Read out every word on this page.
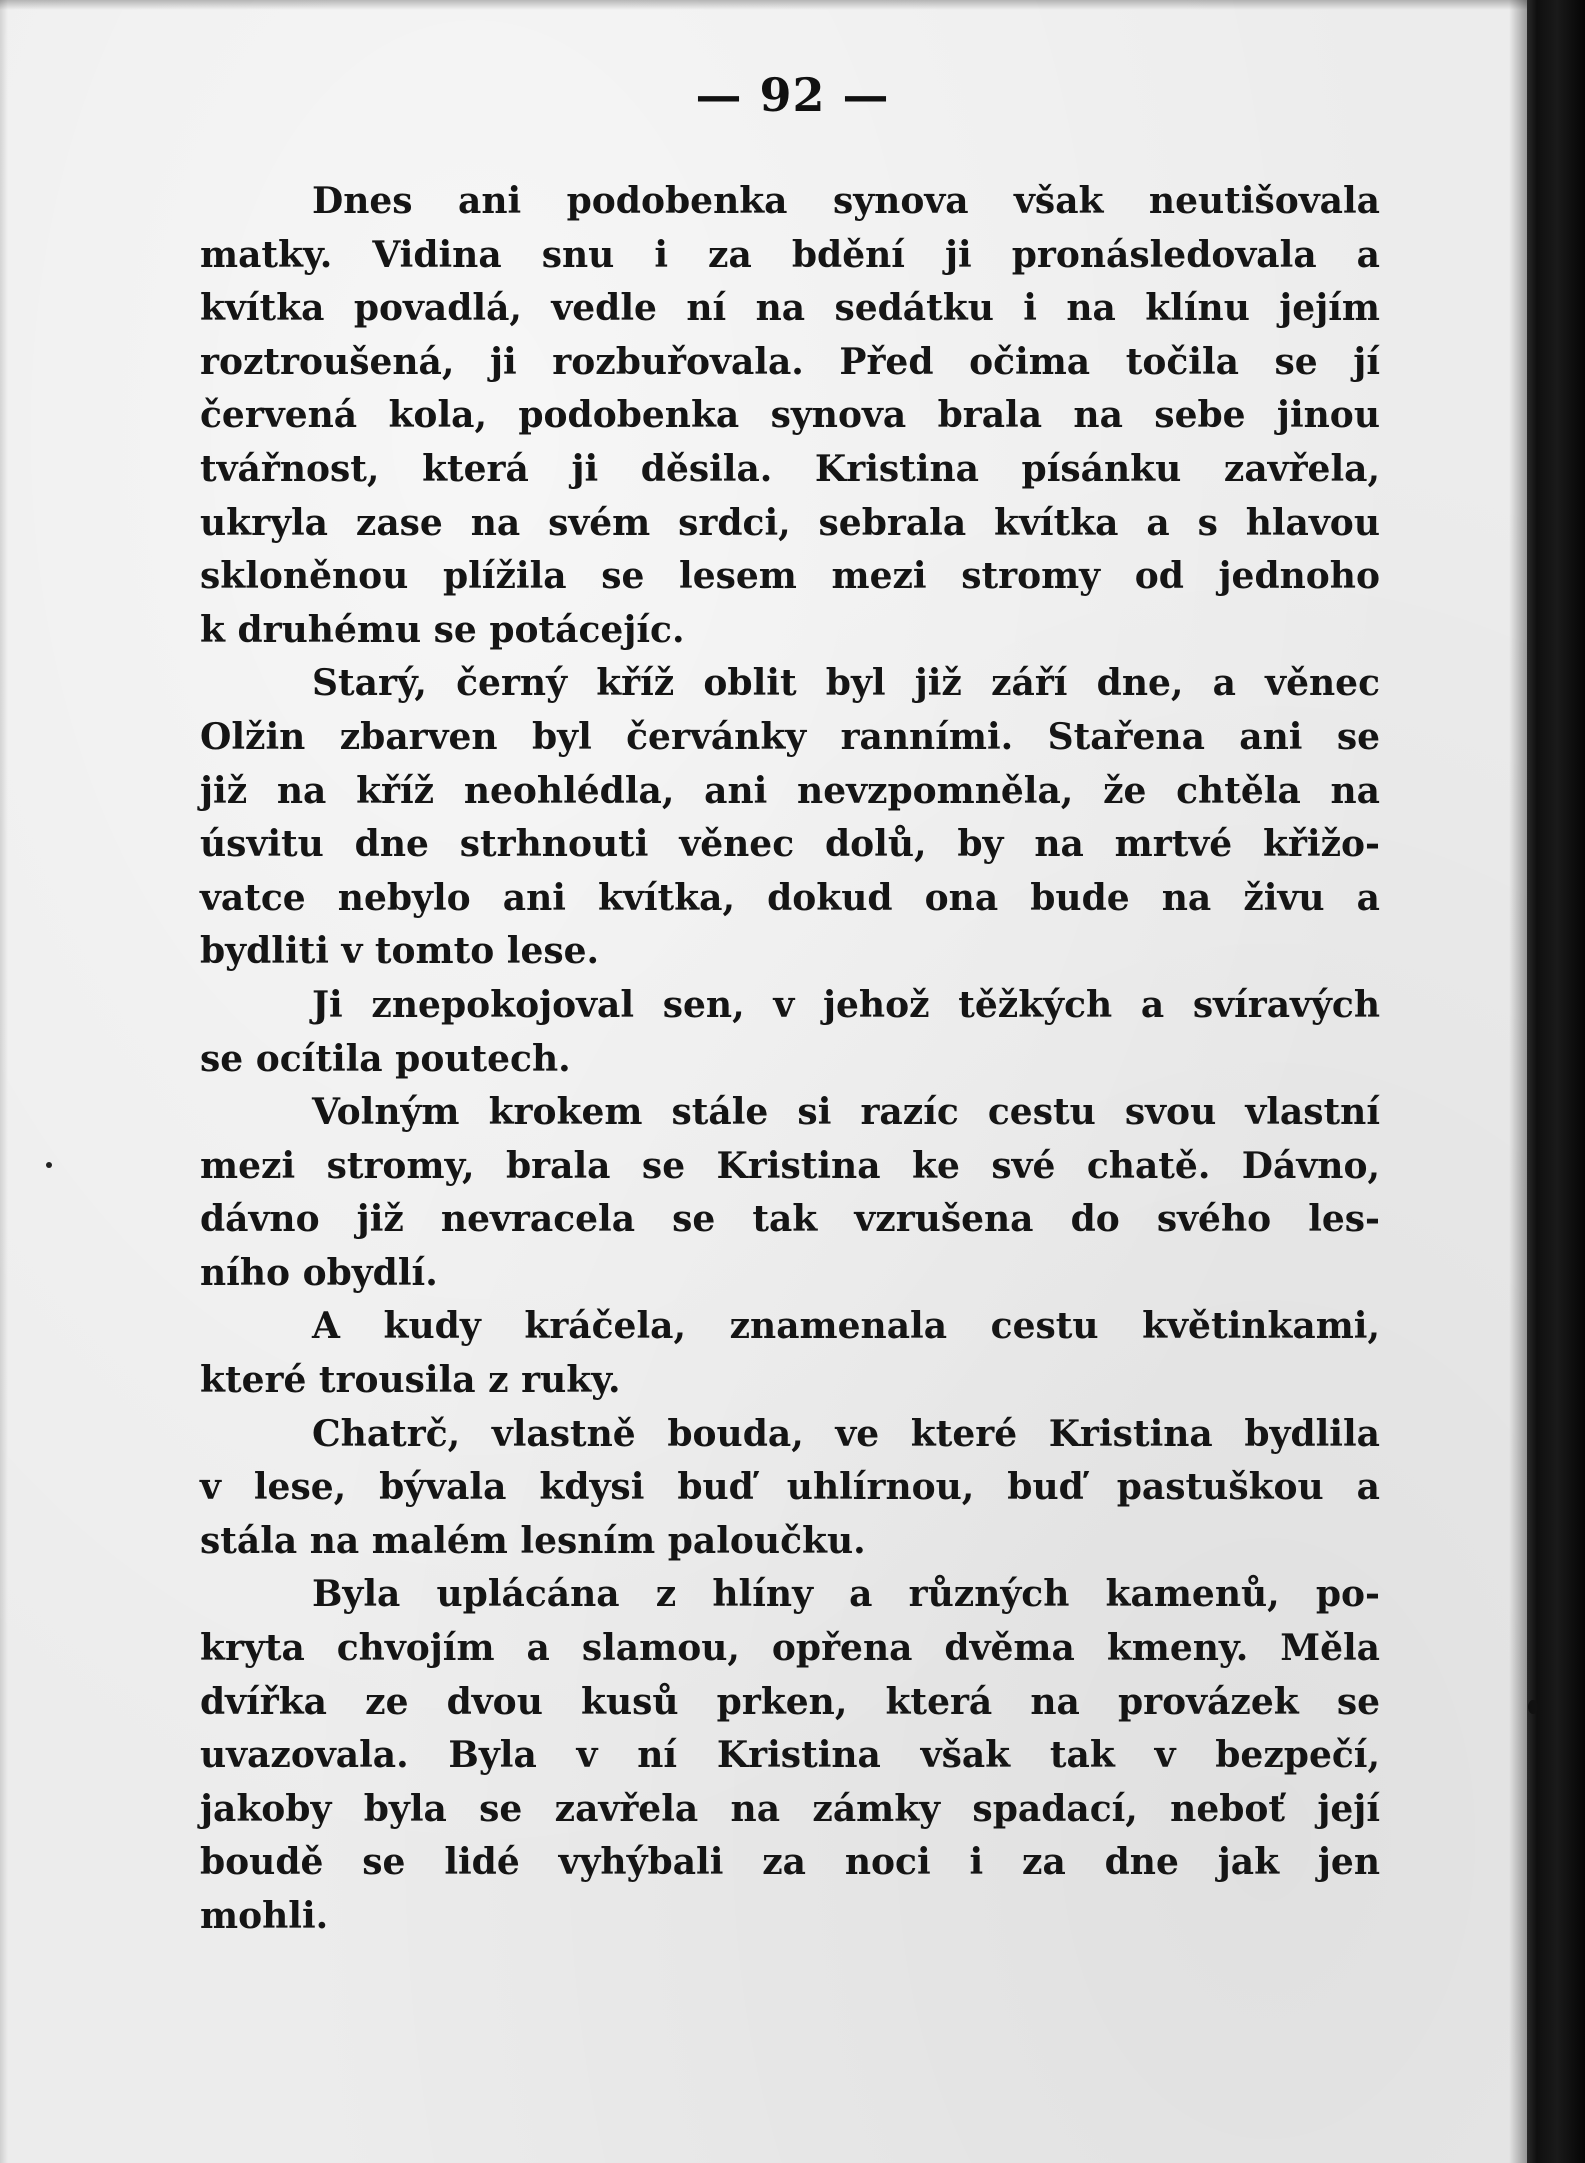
— 92 —
Dnes ani podobenka synova však neutišovala
matky. Vidina snu i za bdění ji pronásledovala a
kvítka povadlá, vedle ní na sedátku i na klínu jejím
roztroušená, ji rozbuřovala. Před očima točila se jí
červená kola, podobenka synova brala na sebe jinou
tvářnost, která ji děsila. Kristina písánku zavřela,
ukryla zase na svém srdci, sebrala kvítka a s hlavou
skloněnou plížila se lesem mezi stromy od jednoho
k druhému se potácejíc.
Starý, černý kříž oblit byl již září dne, a věnec
Olžin zbarven byl červánky ranními. Stařena ani se
již na kříž neohlédla, ani nevzpomněla, že chtěla na
úsvitu dne strhnouti věnec dolů, by na mrtvé křižo-
vatce nebylo ani kvítka, dokud ona bude na živu a
bydliti v tomto lese.
Ji znepokojoval sen, v jehož těžkých a svíravých
se ocítila poutech.
Volným krokem stále si razíc cestu svou vlastní
mezi stromy, brala se Kristina ke své chatě. Dávno,
dávno již nevracela se tak vzrušena do svého les-
ního obydlí.
A kudy kráčela, znamenala cestu květinkami,
které trousila z ruky.
Chatrč, vlastně bouda, ve které Kristina bydlila
v lese, bývala kdysi buď uhlírnou, buď pastuškou a
stála na malém lesním paloučku.
Byla uplácána z hlíny a různých kamenů, po-
kryta chvojím a slamou, opřena dvěma kmeny. Měla
dvířka ze dvou kusů prken, která na provázek se
uvazovala. Byla v ní Kristina však tak v bezpečí,
jakoby byla se zavřela na zámky spadací, neboť její
boudě se lidé vyhýbali za noci i za dne jak jen
mohli.
